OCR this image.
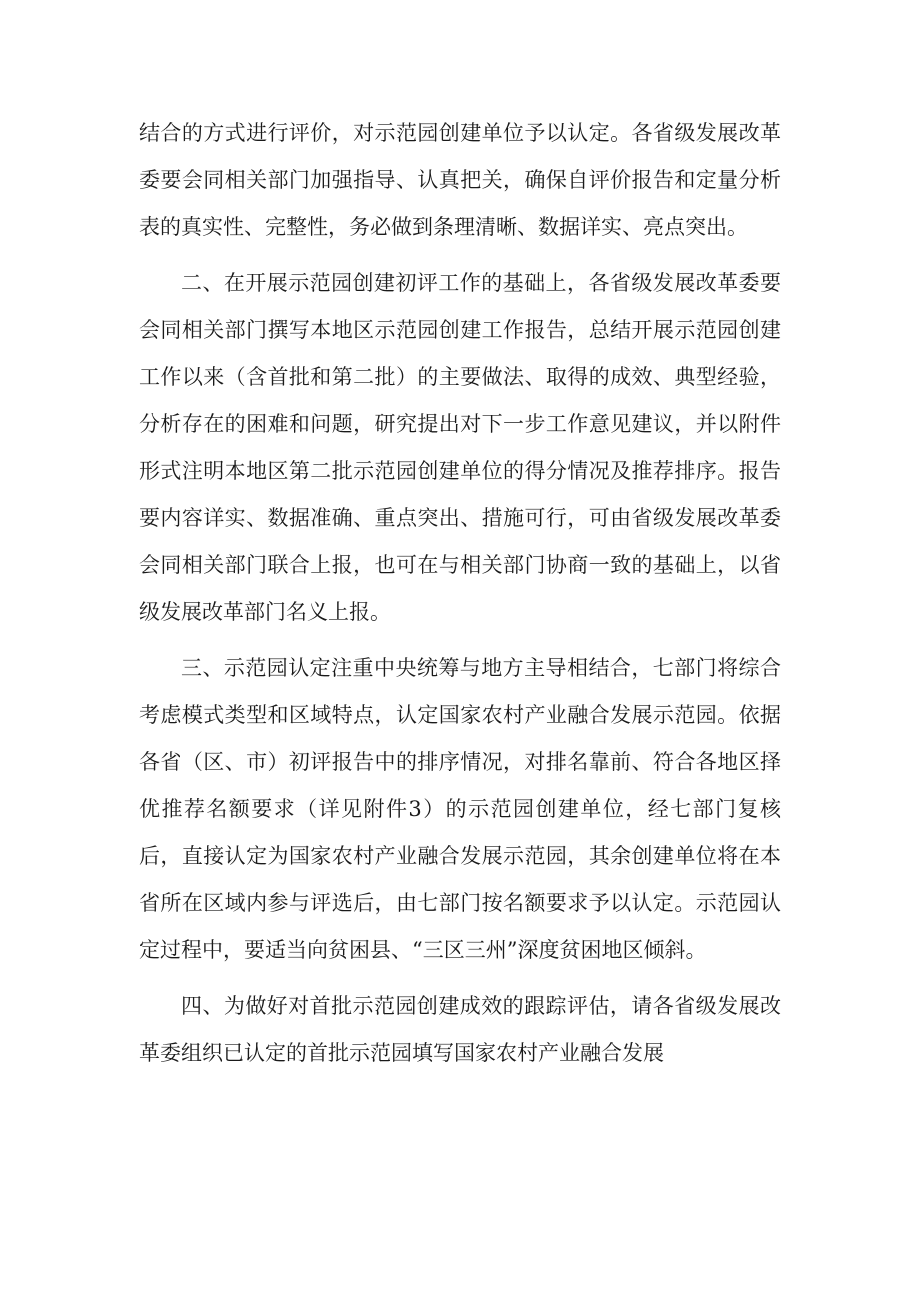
结合的方式进行评价，对示范园创建单位予以认定。各省级发展改革委要会同相关部门加强指导、认真把关，确保自评价报告和定量分析表的真实性、完整性，务必做到条理清晰、数据详实、亮点突出。

二、在开展示范园创建初评工作的基础上，各省级发展改革委要会同相关部门撰写本地区示范园创建工作报告，总结开展示范园创建工作以来（含首批和第二批）的主要做法、取得的成效、典型经验，分析存在的困难和问题，研究提出对下一步工作意见建议，并以附件形式注明本地区第二批示范园创建单位的得分情况及推荐排序。报告要内容详实、数据准确、重点突出、措施可行，可由省级发展改革委会同相关部门联合上报，也可在与相关部门协商一致的基础上，以省级发展改革部门名义上报。

三、示范园认定注重中央统筹与地方主导相结合，七部门将综合考虑模式类型和区域特点，认定国家农村产业融合发展示范园。依据各省（区、市）初评报告中的排序情况，对排名靠前、符合各地区择优推荐名额要求（详见附件3）的示范园创建单位，经七部门复核后，直接认定为国家农村产业融合发展示范园，其余创建单位将在本省所在区域内参与评选后，由七部门按名额要求予以认定。示范园认定过程中，要适当向贫困县、“三区三州”深度贫困地区倾斜。

四、为做好对首批示范园创建成效的跟踪评估，请各省级发展改革委组织已认定的首批示范园填写国家农村产业融合发展
